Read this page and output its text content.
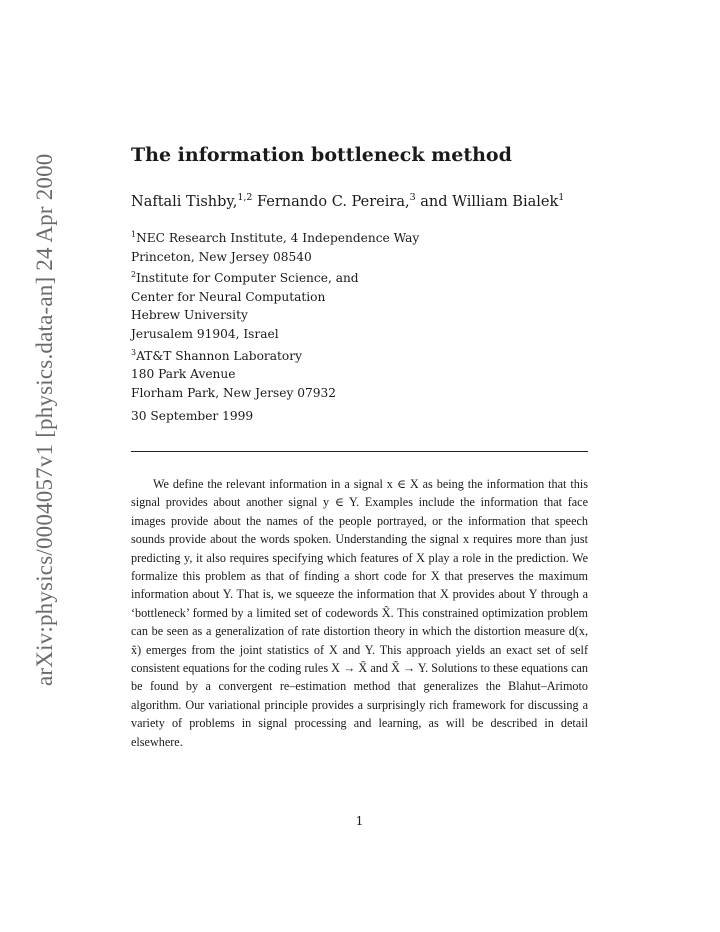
arXiv:physics/0004057v1 [physics.data-an] 24 Apr 2000	The information bottleneck method
Naftali Tishby,$^{1,2}$ Fernando C. Pereira,$^3$ and William Bialek$^1$
$^1$NEC Research Institute, 4 Independence Way
Princeton, New Jersey 08540
$^2$Institute for Computer Science, and
Center for Neural Computation
Hebrew University
Jerusalem 91904, Israel
$^3$AT&T Shannon Laboratory
180 Park Avenue
Florham Park, New Jersey 07932
30 September 1999

We define the relevant information in a signal x ∈ X as being the information that this signal provides about another signal y ∈ Y. Examples include the information that face images provide about the names of the people portrayed, or the information that speech sounds provide about the words spoken. Understanding the signal x requires more than just predicting y, it also requires specifying which features of X play a role in the prediction. We formalize this problem as that of finding a short code for X that preserves the maximum information about Y. That is, we squeeze the information that X provides about Y through a ‘bottleneck’ formed by a limited set of codewords X̃. This constrained optimization problem can be seen as a generalization of rate distortion theory in which the distortion measure d(x, x̃) emerges from the joint statistics of X and Y. This approach yields an exact set of self consistent equations for the coding rules X → X̃ and X̃ → Y. Solutions to these equations can be found by a convergent re–estimation method that generalizes the Blahut–Arimoto algorithm. Our variational principle provides a surprisingly rich framework for discussing a variety of problems in signal processing and learning, as will be described in detail elsewhere.

1
